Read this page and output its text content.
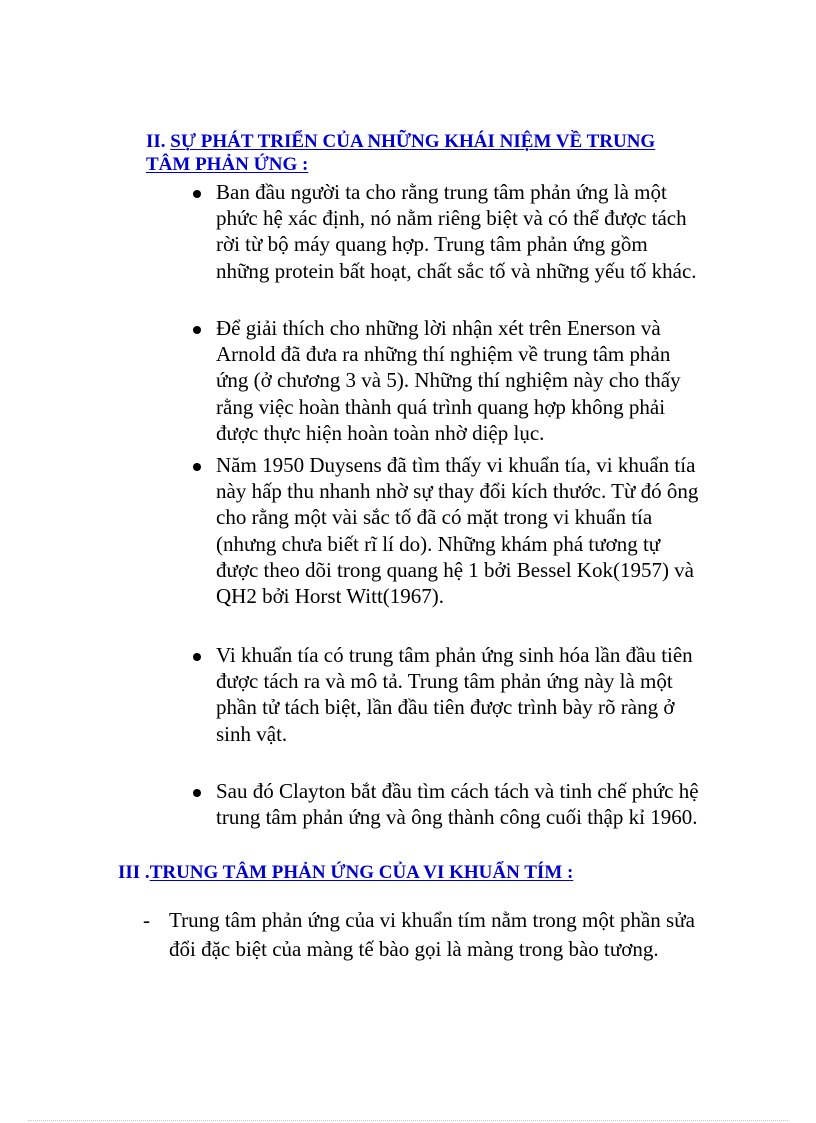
II. SỰ PHÁT TRIỂN CỦA NHỮNG KHÁI NIỆM VỀ TRUNG TÂM PHẢN ỨNG :
Ban đầu người ta cho rằng trung tâm phản ứng là một phức hệ xác định, nó nằm riêng biệt và có thể được tách rời từ bộ máy quang hợp. Trung tâm phản ứng gồm những protein bất hoạt, chất sắc tố và những yếu tố khác.
Để giải thích cho những lời nhận xét trên Enerson và Arnold đã đưa ra những thí nghiệm về trung tâm phản ứng (ở chương 3 và 5). Những thí nghiệm này cho thấy rằng việc hoàn thành quá trình quang hợp không phải được thực hiện hoàn toàn nhờ diệp lục.
Năm 1950 Duysens đã tìm thấy vi khuẩn tía, vi khuẩn tía này hấp thu nhanh nhờ sự thay đổi kích thước. Từ đó ông cho rằng một vài sắc tố đã có mặt trong vi khuẩn tía (nhưng chưa biết rĩ lí do). Những khám phá tương tự được theo dõi trong quang hệ 1 bởi Bessel Kok(1957) và QH2 bởi Horst Witt(1967).
Vi khuẩn tía có trung tâm phản ứng sinh hóa lần đầu tiên được tách ra và mô tả. Trung tâm phản ứng này là một phần tử tách biệt, lần đầu tiên được trình bày rõ ràng ở sinh vật.
Sau đó Clayton bắt đầu tìm cách tách và tinh chế phức hệ trung tâm phản ứng và ông thành công cuối thập kỉ 1960.
III .TRUNG TÂM PHẢN ỨNG CỦA VI KHUẨN TÍM :
- Trung tâm phản ứng của vi khuẩn tím nằm trong một phần sửa đổi đặc biệt của màng tế bào gọi là màng trong bào tương.
